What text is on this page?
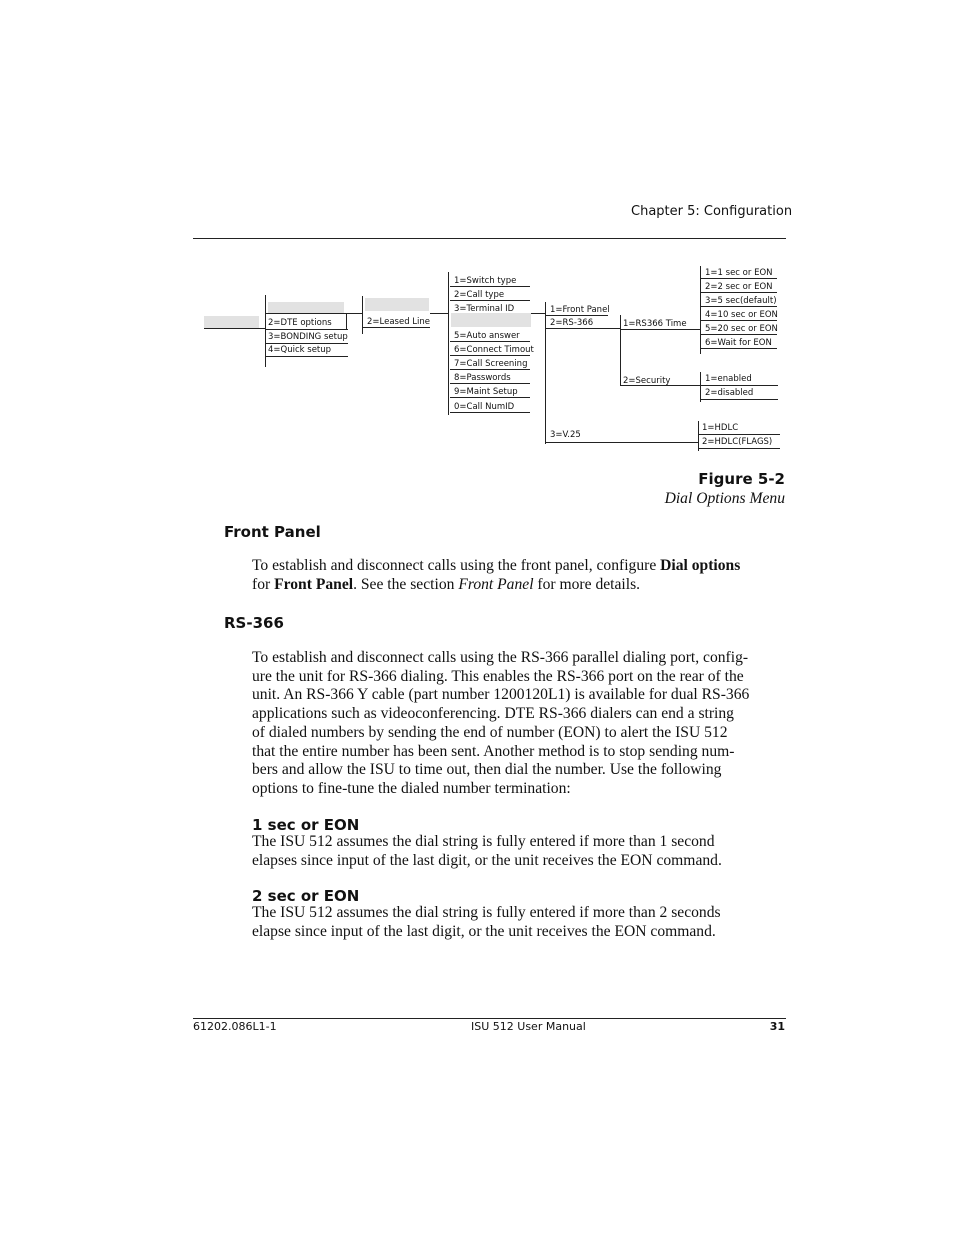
Chapter 5: Configuration
2=DTE options
3=BONDING setup
4=Quick setup
2=Leased Line
1=Switch type
2=Call type
3=Terminal ID
5=Auto answer
6=Connect Timout
7=Call Screening
8=Passwords
9=Maint Setup
0=Call NumID
1=Front Panel
2=RS-366
3=V.25
1=RS366 Time
2=Security
1=1 sec or EON
2=2 sec or EON
3=5 sec(default)
4=10 sec or EON
5=20 sec or EON
6=Wait for EON
1=enabled
2=disabled
1=HDLC
2=HDLC(FLAGS)
Figure 5-2
Dial Options Menu
Front Panel
To establish and disconnect calls using the front panel, configure Dial options
for Front Panel. See the section Front Panel for more details.
RS-366
To establish and disconnect calls using the RS-366 parallel dialing port, config-
ure the unit for RS-366 dialing. This enables the RS-366 port on the rear of the
unit. An RS-366 Y cable (part number 1200120L1) is available for dual RS-366
applications such as videoconferencing. DTE RS-366 dialers can end a string
of dialed numbers by sending the end of number (EON) to alert the ISU 512
that the entire number has been sent. Another method is to stop sending num-
bers and allow the ISU to time out, then dial the number. Use the following
options to fine-tune the dialed number termination:
1 sec or EON
The ISU 512 assumes the dial string is fully entered if more than 1 second
elapses since input of the last digit, or the unit receives the EON command.
2 sec or EON
The ISU 512 assumes the dial string is fully entered if more than 2 seconds
elapse since input of the last digit, or the unit receives the EON command.
61202.086L1-1	ISU 512 User Manual	31
